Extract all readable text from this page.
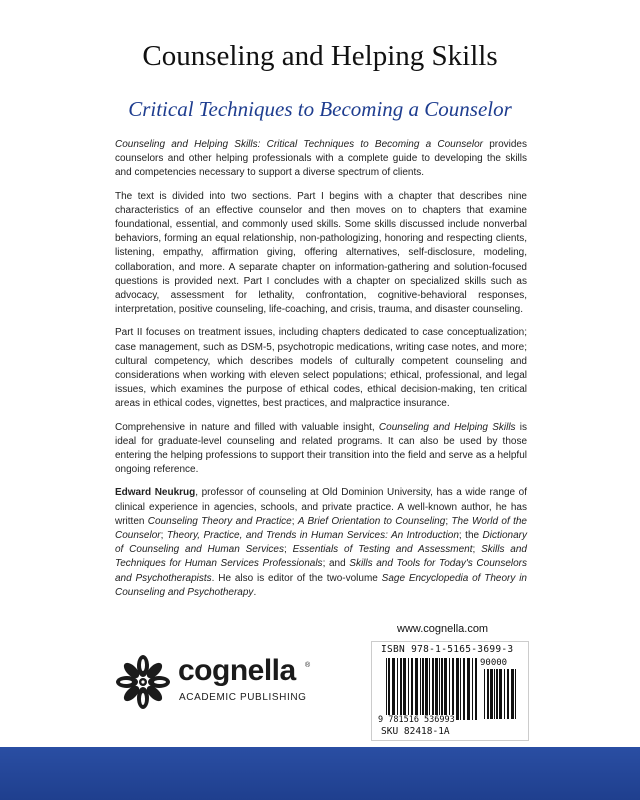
Counseling and Helping Skills
Critical Techniques to Becoming a Counselor

Counseling and Helping Skills: Critical Techniques to Becoming a Counselor provides counselors and other helping professionals with a complete guide to developing the skills and competencies necessary to support a diverse spectrum of clients.

The text is divided into two sections. Part I begins with a chapter that describes nine characteristics of an effective counselor and then moves on to chapters that examine foundational, essential, and commonly used skills. Some skills discussed include nonverbal behaviors, forming an equal relationship, non-pathologizing, honoring and respecting clients, listening, empathy, affirmation giving, offering alternatives, self-disclosure, modeling, collaboration, and more. A separate chapter on information-gathering and solution-focused questions is provided next. Part I concludes with a chapter on specialized skills such as advocacy, assessment for lethality, confrontation, cognitive-behavioral responses, interpretation, positive counseling, life-coaching, and crisis, trauma, and disaster counseling.

Part II focuses on treatment issues, including chapters dedicated to case conceptualization; case management, such as DSM-5, psychotropic medications, writing case notes, and more; cultural competency, which describes models of culturally competent counseling and considerations when working with eleven select populations; ethical, professional, and legal issues, which examines the purpose of ethical codes, ethical decision-making, ten critical areas in ethical codes, vignettes, best practices, and malpractice insurance.

Comprehensive in nature and filled with valuable insight, Counseling and Helping Skills is ideal for graduate-level counseling and related programs. It can also be used by those entering the helping professions to support their transition into the field and serve as a helpful ongoing reference.

Edward Neukrug, professor of counseling at Old Dominion University, has a wide range of clinical experience in agencies, schools, and private practice. A well-known author, he has written Counseling Theory and Practice; A Brief Orientation to Counseling; The World of the Counselor; Theory, Practice, and Trends in Human Services: An Introduction; the Dictionary of Counseling and Human Services; Essentials of Testing and Assessment; Skills and Techniques for Human Services Professionals; and Skills and Tools for Today's Counselors and Psychotherapists. He also is editor of the two-volume Sage Encyclopedia of Theory in Counseling and Psychotherapy.

www.cognella.com
cognella ®
ACADEMIC PUBLISHING
ISBN 978-1-5165-3699-3
90000
9 781516 536993
SKU 82418-1A
